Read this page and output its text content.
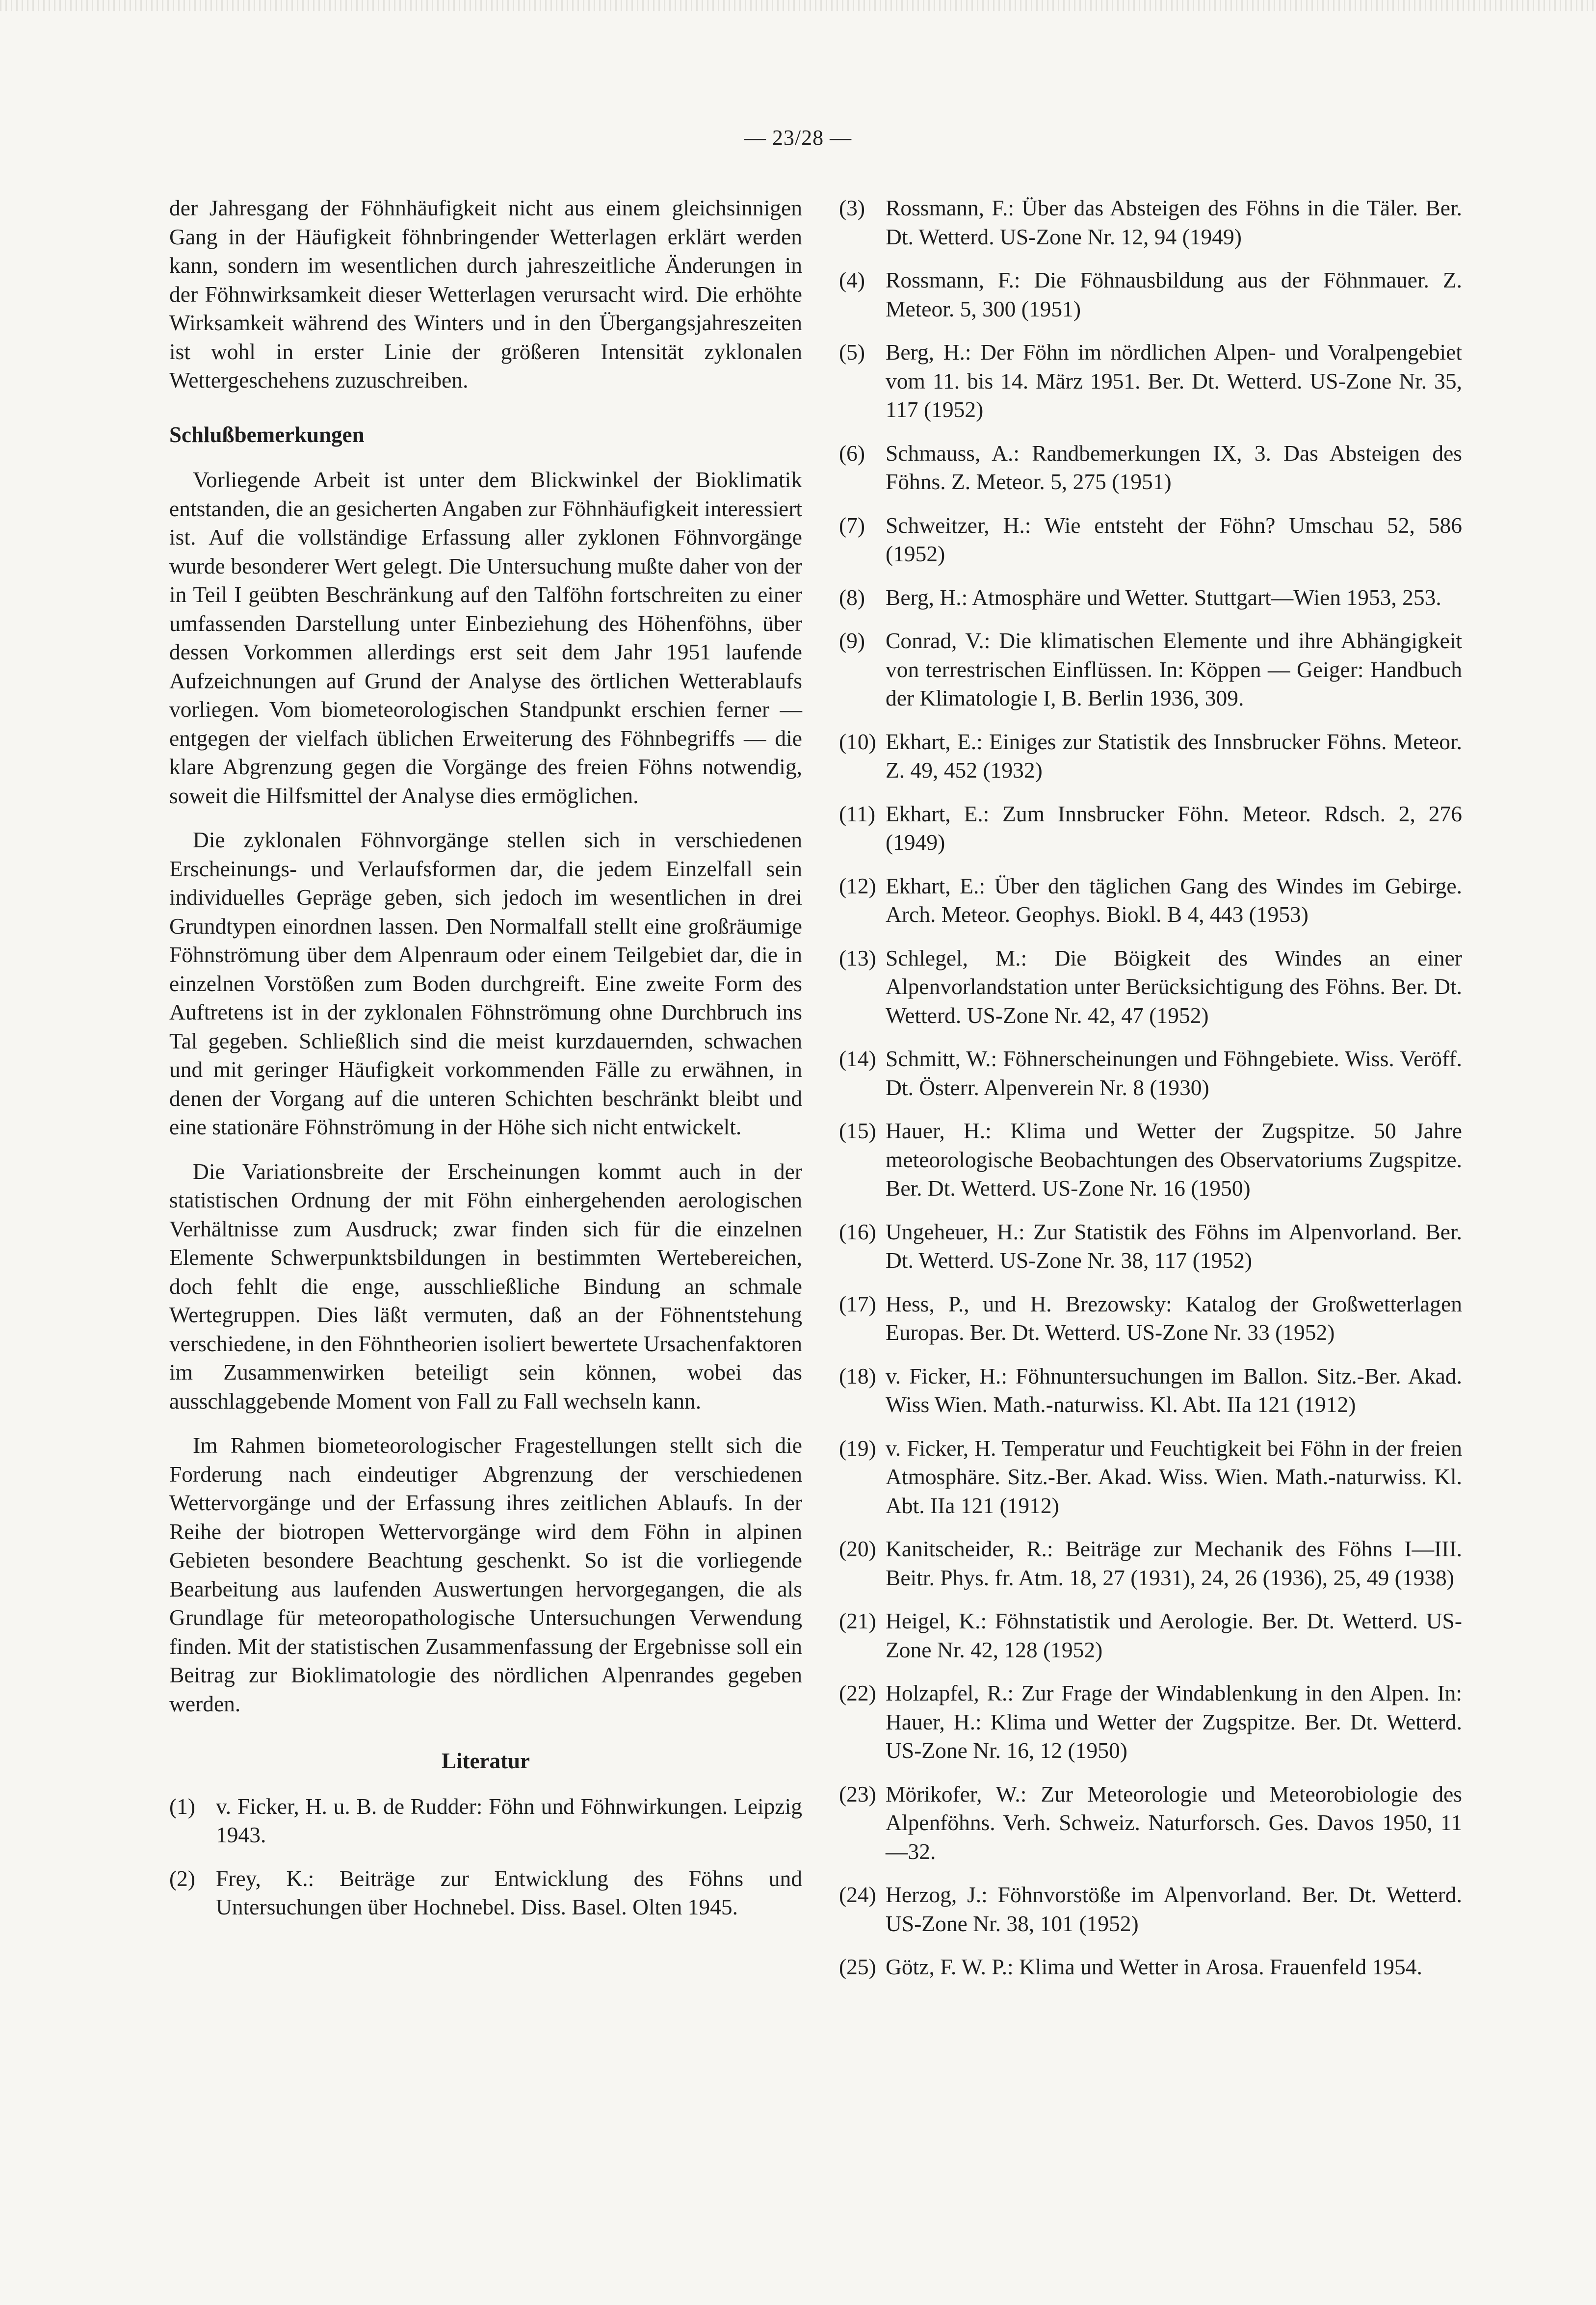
— 23/28 —

der Jahresgang der Föhnhäufigkeit nicht aus einem gleichsinnigen Gang in der Häufigkeit föhnbringender Wetterlagen erklärt werden kann, sondern im wesentlichen durch jahreszeitliche Änderungen in der Föhnwirksamkeit dieser Wetterlagen verursacht wird. Die erhöhte Wirksamkeit während des Winters und in den Übergangsjahreszeiten ist wohl in erster Linie der größeren Intensität zyklonalen Wettergeschehens zuzuschreiben.

Schlußbemerkungen

Vorliegende Arbeit ist unter dem Blickwinkel der Bioklimatik entstanden, die an gesicherten Angaben zur Föhnhäufigkeit interessiert ist. Auf die vollständige Erfassung aller zyklonen Föhnvorgänge wurde besonderer Wert gelegt. Die Untersuchung mußte daher von der in Teil I geübten Beschränkung auf den Talföhn fortschreiten zu einer umfassenden Darstellung unter Einbeziehung des Höhenföhns, über dessen Vorkommen allerdings erst seit dem Jahr 1951 laufende Aufzeichnungen auf Grund der Analyse des örtlichen Wetterablaufs vorliegen. Vom biometeorologischen Standpunkt erschien ferner — entgegen der vielfach üblichen Erweiterung des Föhnbegriffs — die klare Abgrenzung gegen die Vorgänge des freien Föhns notwendig, soweit die Hilfsmittel der Analyse dies ermöglichen.

Die zyklonalen Föhnvorgänge stellen sich in verschiedenen Erscheinungs- und Verlaufsformen dar, die jedem Einzelfall sein individuelles Gepräge geben, sich jedoch im wesentlichen in drei Grundtypen einordnen lassen. Den Normalfall stellt eine großräumige Föhnströmung über dem Alpenraum oder einem Teilgebiet dar, die in einzelnen Vorstößen zum Boden durchgreift. Eine zweite Form des Auftretens ist in der zyklonalen Föhnströmung ohne Durchbruch ins Tal gegeben. Schließlich sind die meist kurzdauernden, schwachen und mit geringer Häufigkeit vorkommenden Fälle zu erwähnen, in denen der Vorgang auf die unteren Schichten beschränkt bleibt und eine stationäre Föhnströmung in der Höhe sich nicht entwickelt.

Die Variationsbreite der Erscheinungen kommt auch in der statistischen Ordnung der mit Föhn einhergehenden aerologischen Verhältnisse zum Ausdruck; zwar finden sich für die einzelnen Elemente Schwerpunktsbildungen in bestimmten Wertebereichen, doch fehlt die enge, ausschließliche Bindung an schmale Wertegruppen. Dies läßt vermuten, daß an der Föhnentstehung verschiedene, in den Föhntheorien isoliert bewertete Ursachenfaktoren im Zusammenwirken beteiligt sein können, wobei das ausschlaggebende Moment von Fall zu Fall wechseln kann.

Im Rahmen biometeorologischer Fragestellungen stellt sich die Forderung nach eindeutiger Abgrenzung der verschiedenen Wettervorgänge und der Erfassung ihres zeitlichen Ablaufs. In der Reihe der biotropen Wettervorgänge wird dem Föhn in alpinen Gebieten besondere Beachtung geschenkt. So ist die vorliegende Bearbeitung aus laufenden Auswertungen hervorgegangen, die als Grundlage für meteoropathologische Untersuchungen Verwendung finden. Mit der statistischen Zusammenfassung der Ergebnisse soll ein Beitrag zur Bioklimatologie des nördlichen Alpenrandes gegeben werden.

Literatur
(1) v. Ficker, H. u. B. de Rudder: Föhn und Föhnwirkungen. Leipzig 1943.
(2) Frey, K.: Beiträge zur Entwicklung des Föhns und Untersuchungen über Hochnebel. Diss. Basel. Olten 1945.
(3) Rossmann, F.: Über das Absteigen des Föhns in die Täler. Ber. Dt. Wetterd. US-Zone Nr. 12, 94 (1949)
(4) Rossmann, F.: Die Föhnausbildung aus der Föhnmauer. Z. Meteor. 5, 300 (1951)
(5) Berg, H.: Der Föhn im nördlichen Alpen- und Voralpengebiet vom 11. bis 14. März 1951. Ber. Dt. Wetterd. US-Zone Nr. 35, 117 (1952)
(6) Schmauss, A.: Randbemerkungen IX, 3. Das Absteigen des Föhns. Z. Meteor. 5, 275 (1951)
(7) Schweitzer, H.: Wie entsteht der Föhn? Umschau 52, 586 (1952)
(8) Berg, H.: Atmosphäre und Wetter. Stuttgart—Wien 1953, 253.
(9) Conrad, V.: Die klimatischen Elemente und ihre Abhängigkeit von terrestrischen Einflüssen. In: Köppen — Geiger: Handbuch der Klimatologie I, B. Berlin 1936, 309.
(10) Ekhart, E.: Einiges zur Statistik des Innsbrucker Föhns. Meteor. Z. 49, 452 (1932)
(11) Ekhart, E.: Zum Innsbrucker Föhn. Meteor. Rdsch. 2, 276 (1949)
(12) Ekhart, E.: Über den täglichen Gang des Windes im Gebirge. Arch. Meteor. Geophys. Biokl. B 4, 443 (1953)
(13) Schlegel, M.: Die Böigkeit des Windes an einer Alpenvorlandstation unter Berücksichtigung des Föhns. Ber. Dt. Wetterd. US-Zone Nr. 42, 47 (1952)
(14) Schmitt, W.: Föhnerscheinungen und Föhngebiete. Wiss. Veröff. Dt. Österr. Alpenverein Nr. 8 (1930)
(15) Hauer, H.: Klima und Wetter der Zugspitze. 50 Jahre meteorologische Beobachtungen des Observatoriums Zugspitze. Ber. Dt. Wetterd. US-Zone Nr. 16 (1950)
(16) Ungeheuer, H.: Zur Statistik des Föhns im Alpenvorland. Ber. Dt. Wetterd. US-Zone Nr. 38, 117 (1952)
(17) Hess, P., und H. Brezowsky: Katalog der Großwetterlagen Europas. Ber. Dt. Wetterd. US-Zone Nr. 33 (1952)
(18) v. Ficker, H.: Föhnuntersuchungen im Ballon. Sitz.-Ber. Akad. Wiss Wien. Math.-naturwiss. Kl. Abt. IIa 121 (1912)
(19) v. Ficker, H. Temperatur und Feuchtigkeit bei Föhn in der freien Atmosphäre. Sitz.-Ber. Akad. Wiss. Wien. Math.-naturwiss. Kl. Abt. IIa 121 (1912)
(20) Kanitscheider, R.: Beiträge zur Mechanik des Föhns I—III. Beitr. Phys. fr. Atm. 18, 27 (1931), 24, 26 (1936), 25, 49 (1938)
(21) Heigel, K.: Föhnstatistik und Aerologie. Ber. Dt. Wetterd. US-Zone Nr. 42, 128 (1952)
(22) Holzapfel, R.: Zur Frage der Windablenkung in den Alpen. In: Hauer, H.: Klima und Wetter der Zugspitze. Ber. Dt. Wetterd. US-Zone Nr. 16, 12 (1950)
(23) Mörikofer, W.: Zur Meteorologie und Meteorobiologie des Alpenföhns. Verh. Schweiz. Naturforsch. Ges. Davos 1950, 11—32.
(24) Herzog, J.: Föhnvorstöße im Alpenvorland. Ber. Dt. Wetterd. US-Zone Nr. 38, 101 (1952)
(25) Götz, F. W. P.: Klima und Wetter in Arosa. Frauenfeld 1954.
